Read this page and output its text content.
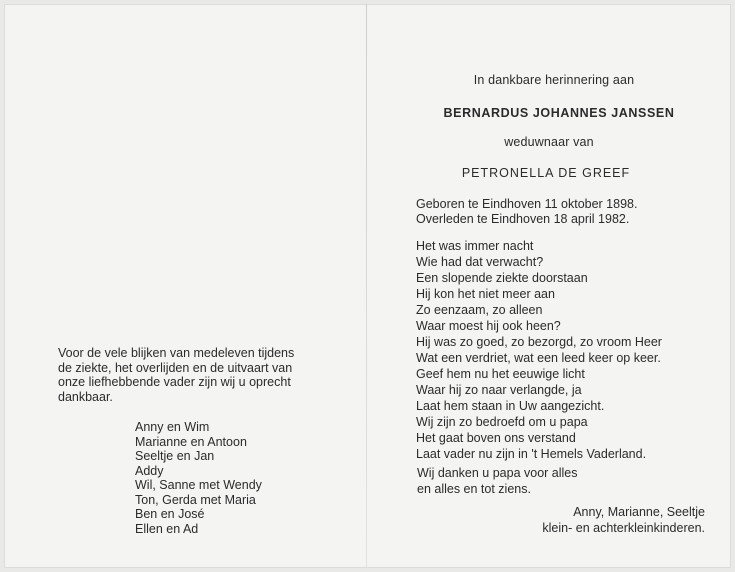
Voor de vele blijken van medeleven tijdens
de ziekte, het overlijden en de uitvaart van
onze liefhebbende vader zijn wij u oprecht
dankbaar.
Anny en Wim
Marianne en Antoon
Seeltje en Jan
Addy
Wil, Sanne met Wendy
Ton, Gerda met Maria
Ben en José
Ellen en Ad
In dankbare herinnering aan
BERNARDUS JOHANNES JANSSEN
weduwnaar van
PETRONELLA DE GREEF
Geboren te Eindhoven 11 oktober 1898.
Overleden te Eindhoven 18 april 1982.
Het was immer nacht
Wie had dat verwacht?
Een slopende ziekte doorstaan
Hij kon het niet meer aan
Zo eenzaam, zo alleen
Waar moest hij ook heen?
Hij was zo goed, zo bezorgd, zo vroom Heer
Wat een verdriet, wat een leed keer op keer.
Geef hem nu het eeuwige licht
Waar hij zo naar verlangde, ja
Laat hem staan in Uw aangezicht.
Wij zijn zo bedroefd om u papa
Het gaat boven ons verstand
Laat vader nu zijn in 't Hemels Vaderland.
Wij danken u papa voor alles
en alles en tot ziens.
Anny, Marianne, Seeltje
klein- en achterkleinkinderen.
